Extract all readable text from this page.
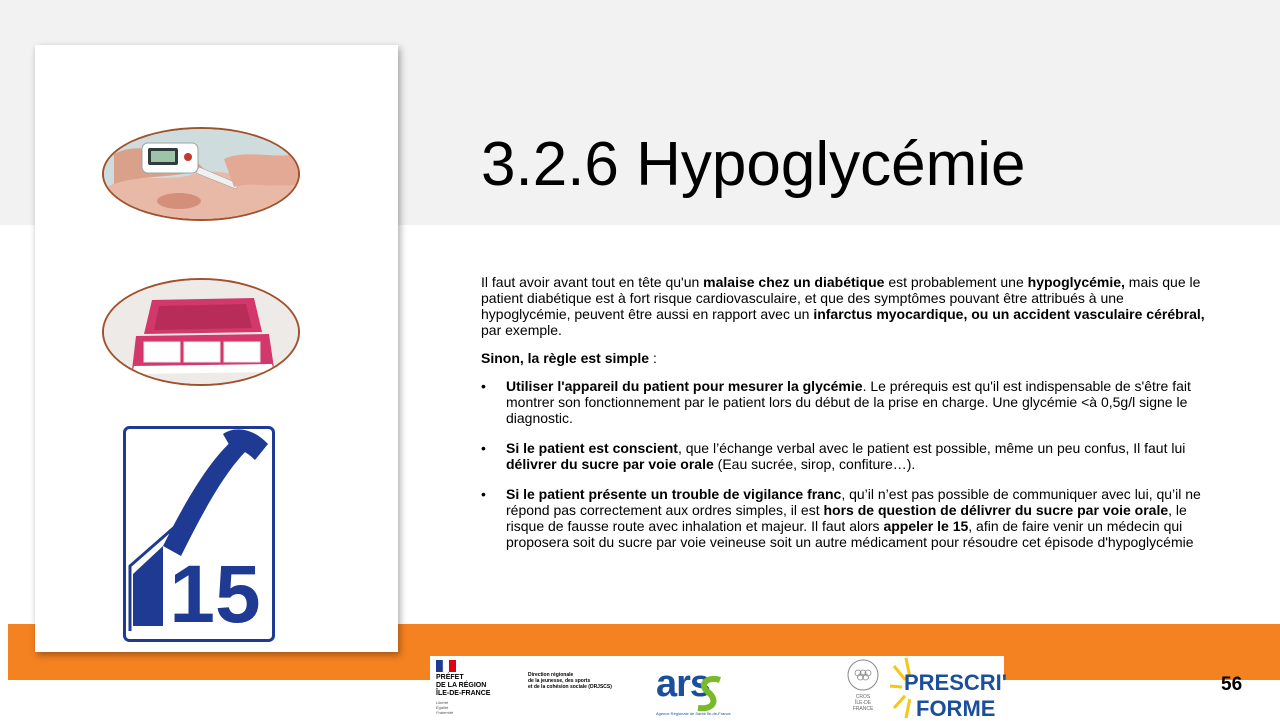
15
3.2.6 Hypoglycémie

Il faut avoir avant tout en tête qu'un malaise chez un diabétique est probablement une hypoglycémie, mais que le patient diabétique est à fort risque cardiovasculaire, et que des symptômes pouvant être attribués à une hypoglycémie, peuvent être aussi en rapport avec un infarctus myocardique, ou un accident vasculaire cérébral, par exemple.

Sinon, la règle est simple :

• Utiliser l'appareil du patient pour mesurer la glycémie. Le prérequis est qu'il est indispensable de s'être fait montrer son fonctionnement par le patient lors du début de la prise en charge. Une glycémie <à 0,5g/l signe le diagnostic.
• Si le patient est conscient, que l’échange verbal avec le patient est possible, même un peu confus, Il faut lui délivrer du sucre par voie orale (Eau sucrée, sirop, confiture…).
• Si le patient présente un trouble de vigilance franc, qu’il n’est pas possible de communiquer avec lui, qu’il ne répond pas correctement aux ordres simples, il est hors de question de délivrer du sucre par voie orale, le risque de fausse route avec inhalation et majeur. Il faut alors appeler le 15, afin de faire venir un médecin qui proposera soit du sucre par voie veineuse soit un autre médicament pour résoudre cet épisode d'hypoglycémie
PRÉFET
DE LA RÉGION
ÎLE-DE-FRANCE
Liberté
Égalité
Fraternité
Direction régionale
de la jeunesse, des sports
et de la cohésion sociale (DRJSCS) ars
Agence Régionale de Santé Île-de-France
CROS
ÎLE-DE
FRANCE
PRESCRI'
FORME
56
